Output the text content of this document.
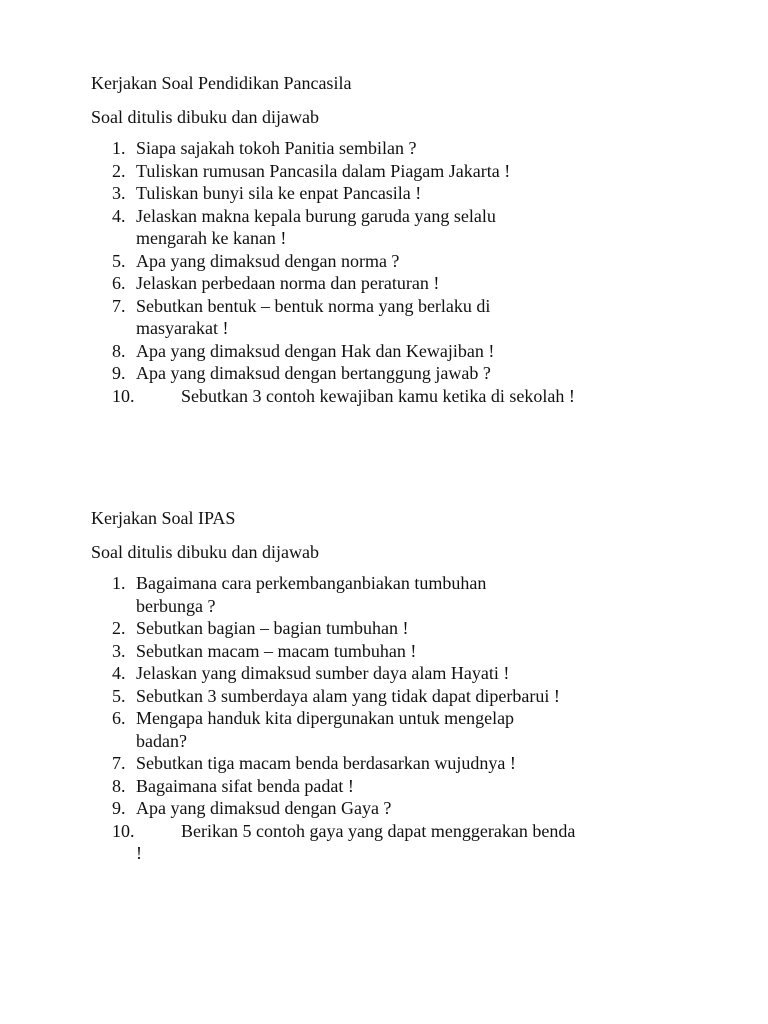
Kerjakan Soal Pendidikan Pancasila
Soal ditulis dibuku dan dijawab
1. Siapa sajakah tokoh Panitia sembilan ?
2. Tuliskan rumusan Pancasila dalam Piagam Jakarta !
3. Tuliskan bunyi sila ke enpat Pancasila !
4. Jelaskan makna kepala burung garuda yang selalu
mengarah ke kanan !
5. Apa yang dimaksud dengan norma ?
6. Jelaskan perbedaan norma dan peraturan !
7. Sebutkan bentuk – bentuk norma yang berlaku di
masyarakat !
8. Apa yang dimaksud dengan Hak dan Kewajiban !
9. Apa yang dimaksud dengan bertanggung jawab ?
10.	Sebutkan 3 contoh kewajiban kamu ketika di sekolah !
Kerjakan Soal IPAS
Soal ditulis dibuku dan dijawab
1. Bagaimana cara perkembanganbiakan tumbuhan
berbunga ?
2. Sebutkan bagian – bagian tumbuhan !
3. Sebutkan macam – macam tumbuhan !
4. Jelaskan yang dimaksud sumber daya alam Hayati !
5. Sebutkan 3 sumberdaya alam yang tidak dapat diperbarui !
6. Mengapa handuk kita dipergunakan untuk mengelap
badan?
7. Sebutkan tiga macam benda berdasarkan wujudnya !
8. Bagaimana sifat benda padat !
9. Apa yang dimaksud dengan Gaya ?
10.	Berikan 5 contoh gaya yang dapat menggerakan benda
!
